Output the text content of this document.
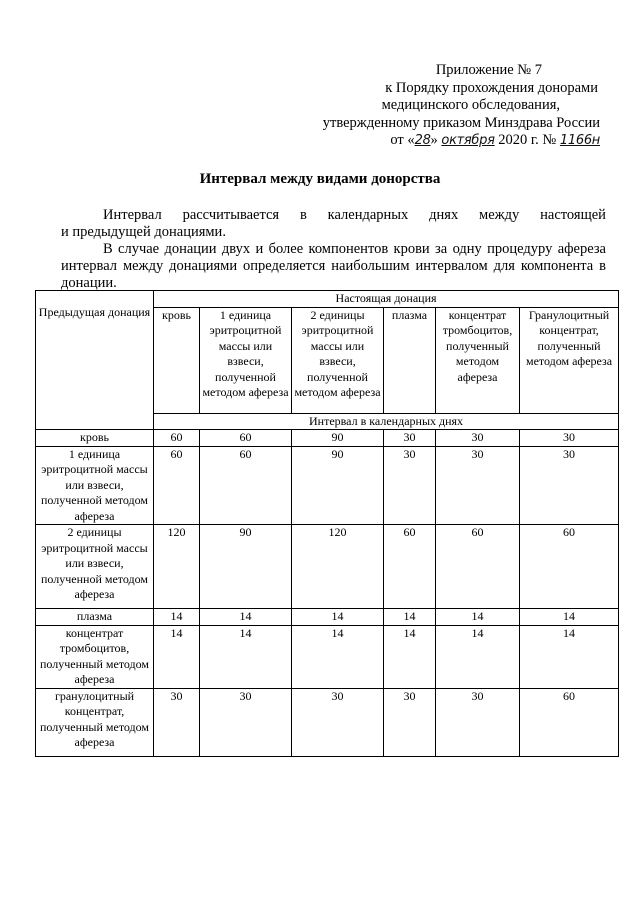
Приложение № 7
к Порядку прохождения донорами
медицинского обследования,
утвержденному приказом Минздрава России
от «28» октября 2020 г. № 1166н
Интервал между видами донорства
Интервал рассчитывается в календарных днях между настоящей
и предыдущей донациями.
В случае донации двух и более компонентов крови за одну процедуру афереза интервал между донациями определяется наибольшим интервалом для компонента в донации.
Предыдущая донация	Настоящая донация					
	кровь	1 единица эритроцитной массы или взвеси, полученной методом афереза	2 единицы эритроцитной массы или взвеси, полученной методом афереза	плазма	концентрат тромбоцитов, полученный методом афереза	Гранулоцитный концентрат, полученный методом афереза
	Интервал в календарных днях					
кровь	60	60	90	30	30	30
1 единица эритроцитной массы или взвеси, полученной методом афереза	60	60	90	30	30	30
2 единицы эритроцитной массы или взвеси, полученной методом афереза	120	90	120	60	60	60
плазма	14	14	14	14	14	14
концентрат тромбоцитов, полученный методом афереза	14	14	14	14	14	14
гранулоцитный концентрат, полученный методом афереза	30	30	30	30	30	60
